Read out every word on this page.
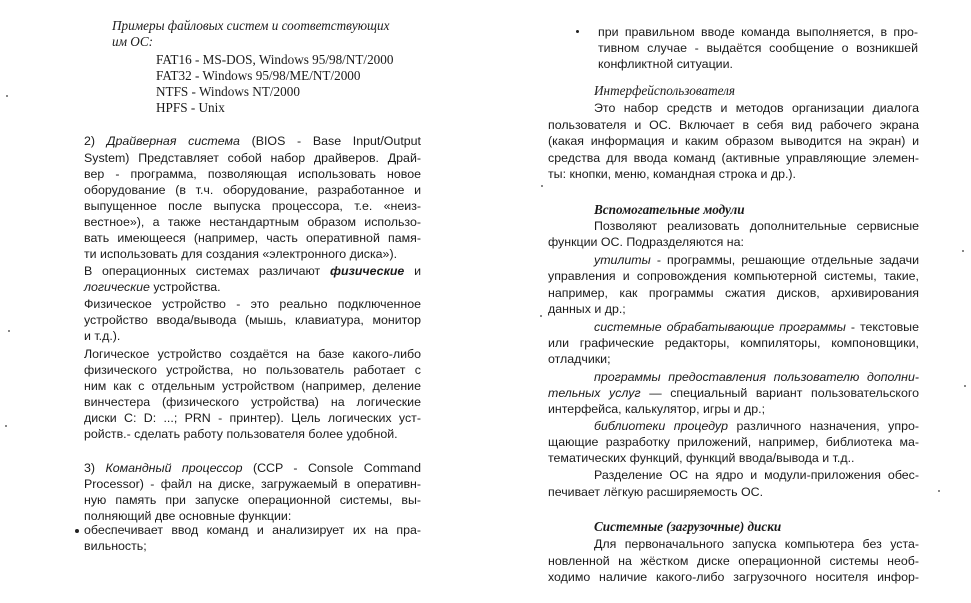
Примеры файловых систем и соответствующих
им ОС:
FAT16 - MS-DOS, Windows 95/98/NT/2000
FAT32 - Windows 95/98/ME/NT/2000
NTFS - Windows NT/2000
HPFS - Unix
2) Драйверная система (BIOS - Base Input/Output
System) Представляет собой набор драйверов. Драй-
вер - программа, позволяющая использовать новое
оборудование (в т.ч. оборудование, разработанное и
выпущенное после выпуска процессора, т.е. «неиз-
вестное»), а также нестандартным образом использо-
вать имеющееся (например, часть оперативной памя-
ти использовать для создания «электронного диска»).
В операционных системах различают физические и
логические устройства.
Физическое устройство - это реально подключенное
устройство ввода/вывода (мышь, клавиатура, монитор
и т.д.).
Логическое устройство создаётся на базе какого-либо
физического устройства, но пользователь работает с
ним как с отдельным устройством (например, деление
винчестера (физического устройства) на логические
диски С: D: ...; PRN - принтер). Цель логических уст-
ройств.- сделать работу пользователя более удобной.
3) Командный процессор (CCP - Console Command
Processor) - файл на диске, загружаемый в оперативн-
ную память при запуске операционной системы, вы-
полняющий две основные функции:
обеспечивает ввод команд и анализирует их на пра-
вильность;
при правильном вводе команда выполняется, в про-
тивном случае - выдаётся сообщение о возникшей
конфликтной ситуации.
Интерфейспользователя
Это набор средств и методов организации диалога
пользователя и ОС. Включает в себя вид рабочего экрана
(какая информация и каким образом выводится на экран) и
средства для ввода команд (активные управляющие элемен-
ты: кнопки, меню, командная строка и др.).
Вспомогательные модули
Позволяют реализовать дополнительные сервисные
функции ОС. Подразделяются на:
утилиты - программы, решающие отдельные задачи
управления и сопровождения компьютерной системы, такие,
например, как программы сжатия дисков, архивирования
данных и др.;
системные обрабатывающие программы - текстовые
или графические редакторы, компиляторы, компоновщики,
отладчики;
программы предоставления пользователю дополни-
тельных услуг — специальный вариант пользовательского
интерфейса, калькулятор, игры и др.;
библиотеки процедур различного назначения, упро-
щающие разработку приложений, например, библиотека ма-
тематических функций, функций ввода/вывода и т.д..
Разделение ОС на ядро и модули-приложения обес-
печивает лёгкую расширяемость ОС.
Системные (загрузочные) диски
Для первоначального запуска компьютера без уста-
новленной на жёстком диске операционной системы необ-
ходимо наличие какого-либо загрузочного носителя инфор-
